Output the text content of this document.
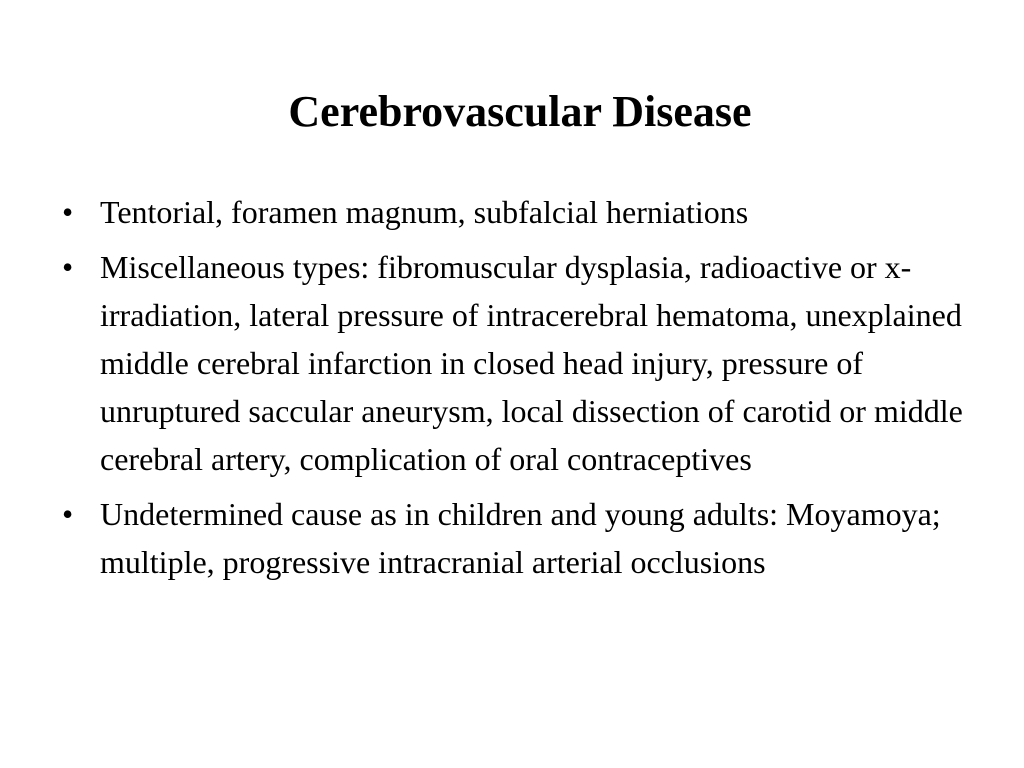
Cerebrovascular Disease
• Tentorial, foramen magnum, subfalcial herniations
• Miscellaneous types: fibromuscular dysplasia, radioactive or x-irradiation, lateral pressure of intracerebral hematoma, unexplained middle cerebral infarction in closed head injury, pressure of unruptured saccular aneurysm, local dissection of carotid or middle cerebral artery, complication of oral contraceptives
• Undetermined cause as in children and young adults: Moyamoya; multiple, progressive intracranial arterial occlusions
